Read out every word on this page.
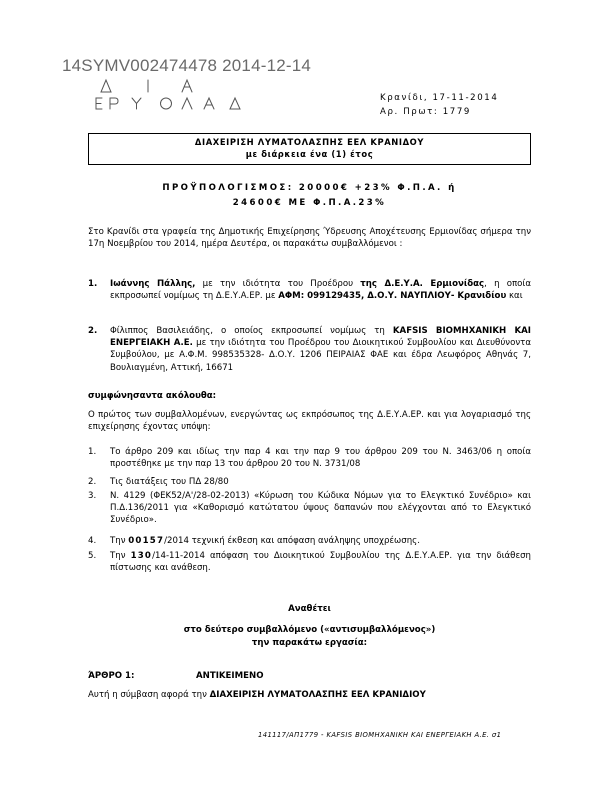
14SYMV002474478 2014-12-14
Κρανίδι, 17-11-2014
Αρ. Πρωτ: 1779
ΔΙΑΧΕΙΡΙΣΗ ΛΥΜΑΤΟΛΑΣΠΗΣ ΕΕΛ ΚΡΑΝΙΔΟΥ
με διάρκεια ένα (1) έτος
ΠΡΟΫΠΟΛΟΓΙΣΜΟΣ: 20000€ +23% Φ.Π.Α. ή
24600€ ΜΕ Φ.Π.Α.23%
Στο Κρανίδι στα γραφεία της Δημοτικής Επιχείρησης Ύδρευσης Αποχέτευσης Ερμιονίδας σήμερα την 17η Νοεμβρίου του 2014, ημέρα Δευτέρα, οι παρακάτω συμβαλλόμενοι :
1. Ιωάννης Πάλλης, με την ιδιότητα του Προέδρου της Δ.Ε.Υ.Α. Ερμιονίδας, η οποία εκπροσωπεί νομίμως τη Δ.Ε.Υ.Α.ΕΡ. με ΑΦΜ: 099129435, Δ.Ο.Υ. ΝΑΥΠΛΙΟΥ- Κρανιδίου και
2. Φίλιππος Βασιλειάδης, ο οποίος εκπροσωπεί νομίμως τη KAFSIS ΒΙΟΜΗΧΑΝΙΚΗ ΚΑΙ ΕΝΕΡΓΕΙΑΚΗ Α.Ε. με την ιδιότητα του Προέδρου του Διοικητικού Συμβουλίου και Διευθύνοντα Συμβούλου, με Α.Φ.Μ. 998535328- Δ.Ο.Υ. 1206 ΠΕΙΡΑΙΑΣ ΦΑΕ και έδρα Λεωφόρος Αθηνάς 7, Βουλιαγμένη, Αττική, 16671
συμφώνησαντα ακόλουθα:
Ο πρώτος των συμβαλλομένων, ενεργώντας ως εκπρόσωπος της Δ.Ε.Υ.Α.ΕΡ. και για λογαριασμό της επιχείρησης έχοντας υπόψη:
1. Το άρθρο 209 και ιδίως την παρ 4 και την παρ 9 του άρθρου 209 του Ν. 3463/06 η οποία προστέθηκε με την παρ 13 του άρθρου 20 του Ν. 3731/08
2. Τις διατάξεις του ΠΔ 28/80
3. Ν. 4129 (ΦΕΚ52/Α'/28-02-2013) «Κύρωση του Κώδικα Νόμων για το Ελεγκτικό Συνέδριο» και Π.Δ.136/2011 για «Καθορισμό κατώτατου ύψους δαπανών που ελέγχονται από το Ελεγκτικό Συνέδριο».
4. Την 00157/2014 τεχνική έκθεση και απόφαση ανάληψης υποχρέωσης.
5. Την 130/14-11-2014 απόφαση του Διοικητικού Συμβουλίου της Δ.Ε.Υ.Α.ΕΡ. για την διάθεση πίστωσης και ανάθεση.
Αναθέτει
στο δεύτερο συμβαλλόμενο («αντισυμβαλλόμενος»)
την παρακάτω εργασία:
ΆΡΘΡΟ 1:	ΑΝΤΙΚΕΙΜΕΝΟ
Αυτή η σύμβαση αφορά την ΔΙΑΧΕΙΡΙΣΗ ΛΥΜΑΤΟΛΑΣΠΗΣ ΕΕΛ ΚΡΑΝΙΔΙΟΥ
141117/ΑΠ1779 - KAFSIS ΒΙΟΜΗΧΑΝΙΚΗ ΚΑΙ ΕΝΕΡΓΕΙΑΚΗ Α.Ε. σ1
